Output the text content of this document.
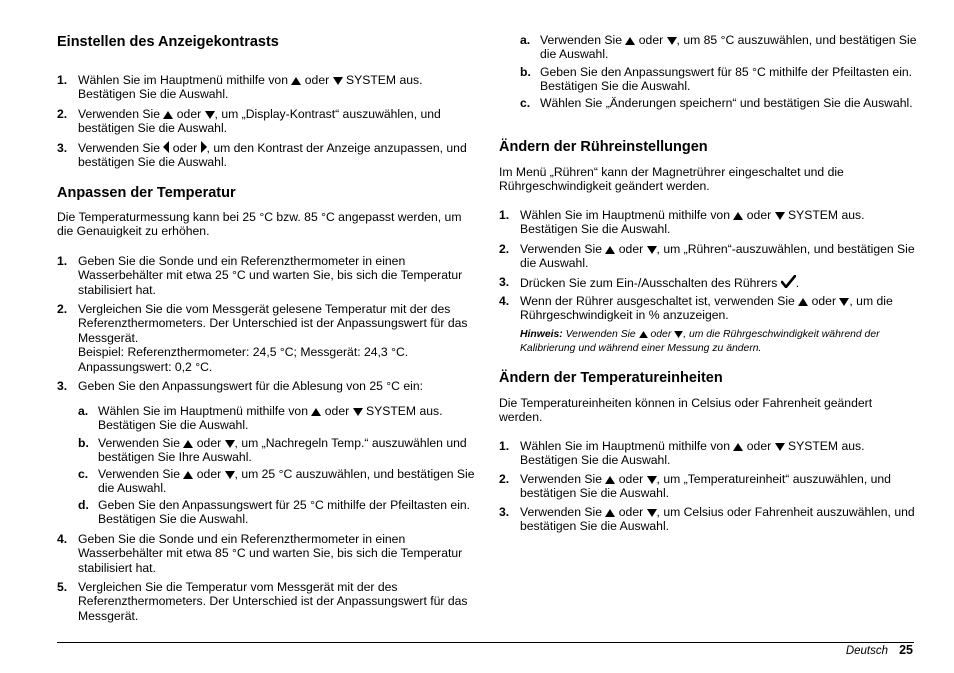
Einstellen des Anzeigekontrasts
1. Wählen Sie im Hauptmenü mithilfe von  oder  SYSTEM aus. Bestätigen Sie die Auswahl.
2. Verwenden Sie  oder , um „Display-Kontrast“ auszuwählen, und bestätigen Sie die Auswahl.
3. Verwenden Sie  oder , um den Kontrast der Anzeige anzupassen, und bestätigen Sie die Auswahl.
Anpassen der Temperatur

Die Temperaturmessung kann bei 25 °C bzw. 85 °C angepasst werden, um die Genauigkeit zu erhöhen.

1. Geben Sie die Sonde und ein Referenzthermometer in einen Wasserbehälter mit etwa 25 °C und warten Sie, bis sich die Temperatur stabilisiert hat.
2. Vergleichen Sie die vom Messgerät gelesene Temperatur mit der des Referenzthermometers. Der Unterschied ist der Anpassungswert für das Messgerät.
Beispiel: Referenzthermometer: 24,5 °C; Messgerät: 24,3 °C.
Anpassungswert: 0,2 °C.
3. Geben Sie den Anpassungswert für die Ablesung von 25 °C ein:
a. Wählen Sie im Hauptmenü mithilfe von  oder  SYSTEM aus. Bestätigen Sie die Auswahl.
b. Verwenden Sie  oder , um „Nachregeln Temp.“ auszuwählen und bestätigen Sie Ihre Auswahl.
c. Verwenden Sie  oder , um 25 °C auszuwählen, und bestätigen Sie die Auswahl.
d. Geben Sie den Anpassungswert für 25 °C mithilfe der Pfeiltasten ein. Bestätigen Sie die Auswahl.
4. Geben Sie die Sonde und ein Referenzthermometer in einen Wasserbehälter mit etwa 85 °C und warten Sie, bis sich die Temperatur stabilisiert hat.
5. Vergleichen Sie die Temperatur vom Messgerät mit der des Referenzthermometers. Der Unterschied ist der Anpassungswert für das Messgerät.
a. Verwenden Sie  oder , um 85 °C auszuwählen, und bestätigen Sie die Auswahl.
b. Geben Sie den Anpassungswert für 85 °C mithilfe der Pfeiltasten ein. Bestätigen Sie die Auswahl.
c. Wählen Sie „Änderungen speichern“ und bestätigen Sie die Auswahl.
Ändern der Rühreinstellungen

Im Menü „Rühren“ kann der Magnetrührer eingeschaltet und die Rührgeschwindigkeit geändert werden.

1. Wählen Sie im Hauptmenü mithilfe von  oder  SYSTEM aus. Bestätigen Sie die Auswahl.
2. Verwenden Sie  oder , um „Rühren“-auszuwählen, und bestätigen Sie die Auswahl.
3. Drücken Sie zum Ein-/Ausschalten des Rührers .
4. Wenn der Rührer ausgeschaltet ist, verwenden Sie  oder , um die Rührgeschwindigkeit in % anzuzeigen.
Hinweis: Verwenden Sie  oder , um die Rührgeschwindigkeit während der Kalibrierung und während einer Messung zu ändern.
Ändern der Temperatureinheiten

Die Temperatureinheiten können in Celsius oder Fahrenheit geändert werden.

1. Wählen Sie im Hauptmenü mithilfe von  oder  SYSTEM aus. Bestätigen Sie die Auswahl.
2. Verwenden Sie  oder , um „Temperatureinheit“ auszuwählen, und bestätigen Sie die Auswahl.
3. Verwenden Sie  oder , um Celsius oder Fahrenheit auszuwählen, und bestätigen Sie die Auswahl.
Deutsch 25
